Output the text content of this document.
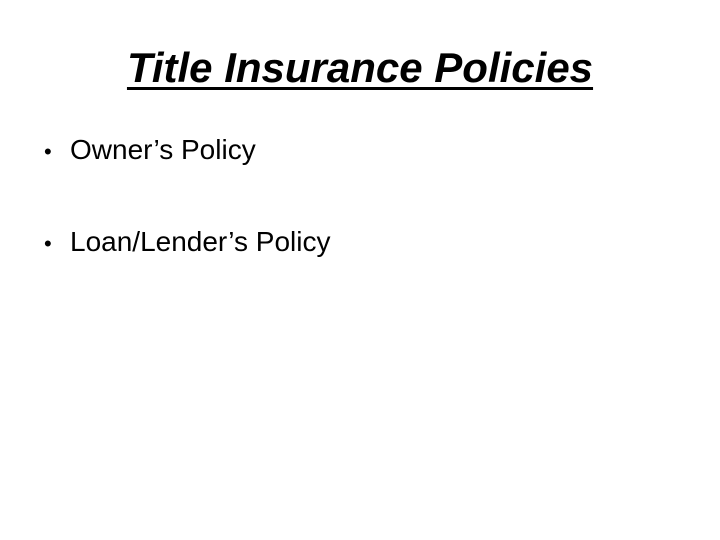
Title Insurance Policies
• Owner’s Policy
• Loan/Lender’s Policy
